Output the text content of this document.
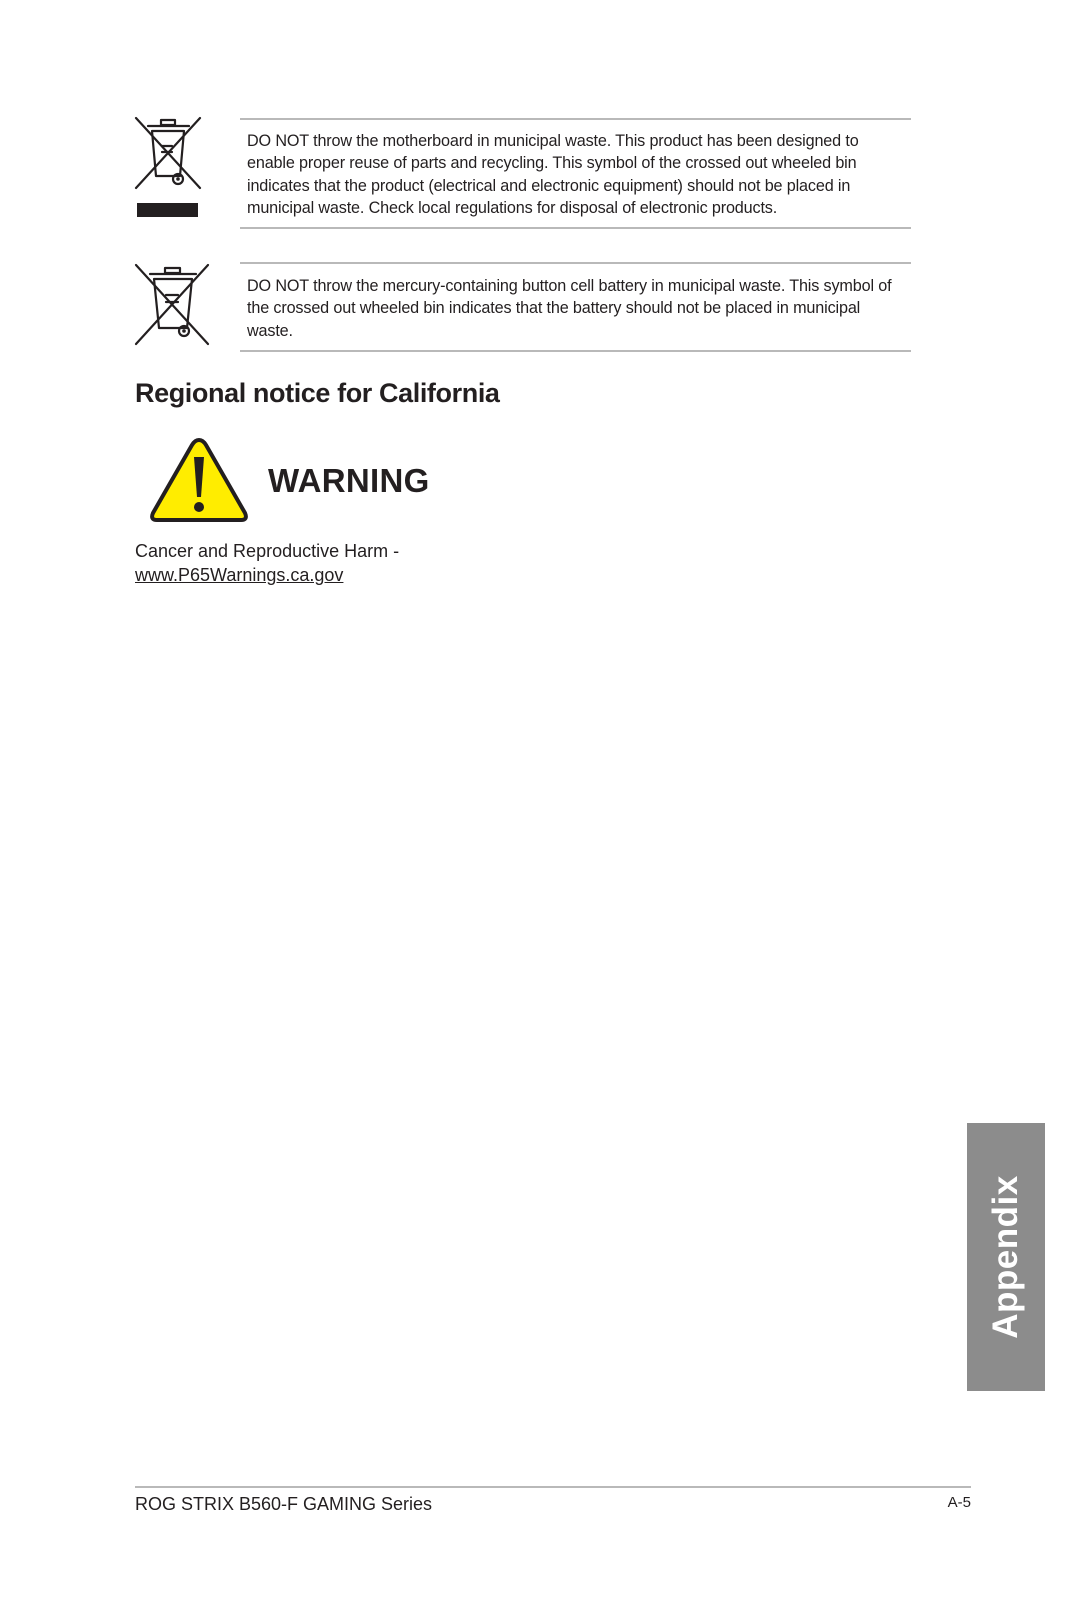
DO NOT throw the motherboard in municipal waste. This product has been designed to enable proper reuse of parts and recycling. This symbol of the crossed out wheeled bin indicates that the product (electrical and electronic equipment) should not be placed in municipal waste. Check local regulations for disposal of electronic products.
DO NOT throw the mercury-containing button cell battery in municipal waste. This symbol of the crossed out wheeled bin indicates that the battery should not be placed in municipal waste.
Regional notice for California
WARNING
Cancer and Reproductive Harm -
www.P65Warnings.ca.gov
Appendix
ROG STRIX B560-F GAMING Series	A-5
